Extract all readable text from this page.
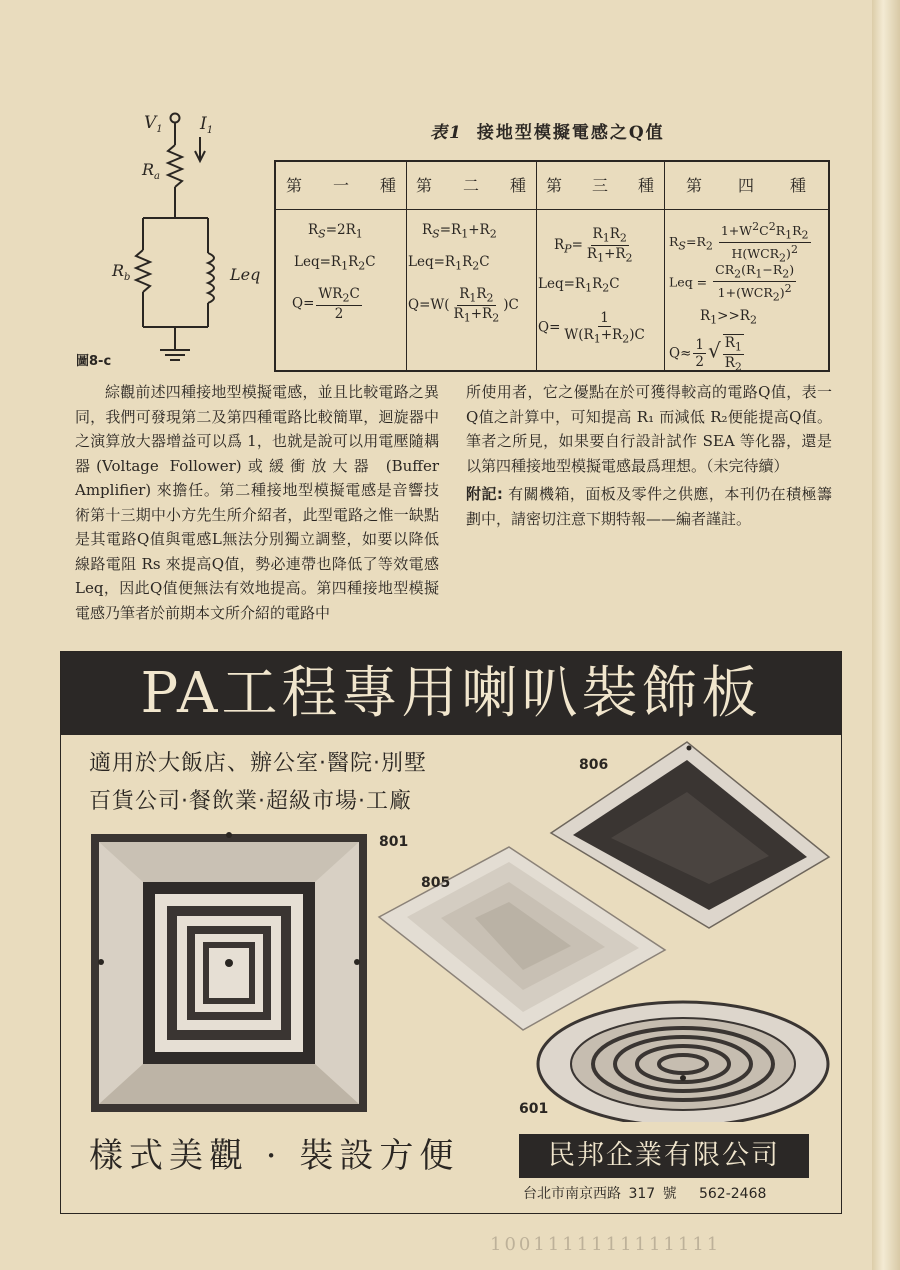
$V_1$ $I_1$
$R_a$
$R_b$	Leq
圖8-c
表1 接地型模擬電感之Q值
第 一 種 第 二 種 第 三 種 第 四 種
$R_S=2R_1$
$Leq=R_1R_2C$
$Q= \frac{WR_2C}{2}$
$R_S=R_1+R_2$
$Leq=R_1R_2C$
$Q=W( \frac{R_1R_2}{R_1+R_2} )C$
$R_P= \frac{R_1R_2}{R_1+R_2}$
$Leq=R_1R_2C$
$Q= \frac{1}{W(R_1+R_2)C}$
$R_S=R_2 \frac{1+W^2C^2R_1R_2}{H(WCR_2)^2}$
Leq = $\frac{CR_2(R_1-R_2)}{1+(WCR_2)^2}$
$R_1>>R_2$
$Q\approx \frac{1}{2}$ √ $\frac{R_1}{R_2}$

綜觀前述四種接地型模擬電感，並且比較電路之異同，我們可發現第二及第四種電路比較簡單，迴旋器中之演算放大器增益可以爲 1，也就是說可以用電壓隨耦器(Voltage Follower)或緩衝放大器 (Buffer Amplifier) 來擔任。第二種接地型模擬電感是音響技術第十三期中小方先生所介紹者，此型電路之惟一缺點是其電路Q值與電感L無法分別獨立調整，如要以降低線路電阻 Rs 來提高Q值，勢必連帶也降低了等效電感 Leq，因此Q值便無法有效地提高。第四種接地型模擬電感乃筆者於前期本文所介紹的電路中

所使用者，它之優點在於可獲得較高的電路Q值，表一Q值之計算中，可知提高 R₁ 而減低 R₂便能提高Q值。筆者之所見，如果要自行設計試作 SEA 等化器，還是以第四種接地型模擬電感最爲理想。（未完待續）

附記: 有關機箱，面板及零件之供應，本刊仍在積極籌劃中，請密切注意下期特報——編者謹註。

PA工程專用喇叭裝飾板
適用於大飯店、辦公室·醫院·別墅
百貨公司·餐飲業·超級市場·工廠
801
805
806
601
樣式美觀 · 裝設方便	民邦企業有限公司
台北市南京西路 317 號 562-2468
1001111111111111
